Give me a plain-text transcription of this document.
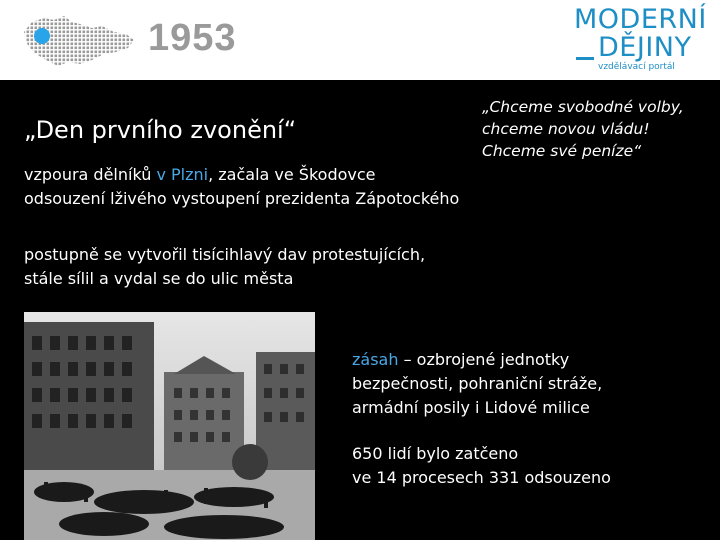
1953	MODERNÍ
DĚJINY
vzdělávací portál
„Den prvního zvonění“
„Chceme svobodné volby,
chceme novou vládu!
Chceme své peníze“
vzpoura dělníků v Plzni, začala ve Škodovce
odsouzení lživého vystoupení prezidenta Zápotockého
postupně se vytvořil tisícihlavý dav protestujících,
stále sílil a vydal se do ulic města
zásah – ozbrojené jednotky
bezpečnosti, pohraniční stráže,
armádní posily i Lidové milice
650 lidí bylo zatčeno
ve 14 procesech 331 odsouzeno
